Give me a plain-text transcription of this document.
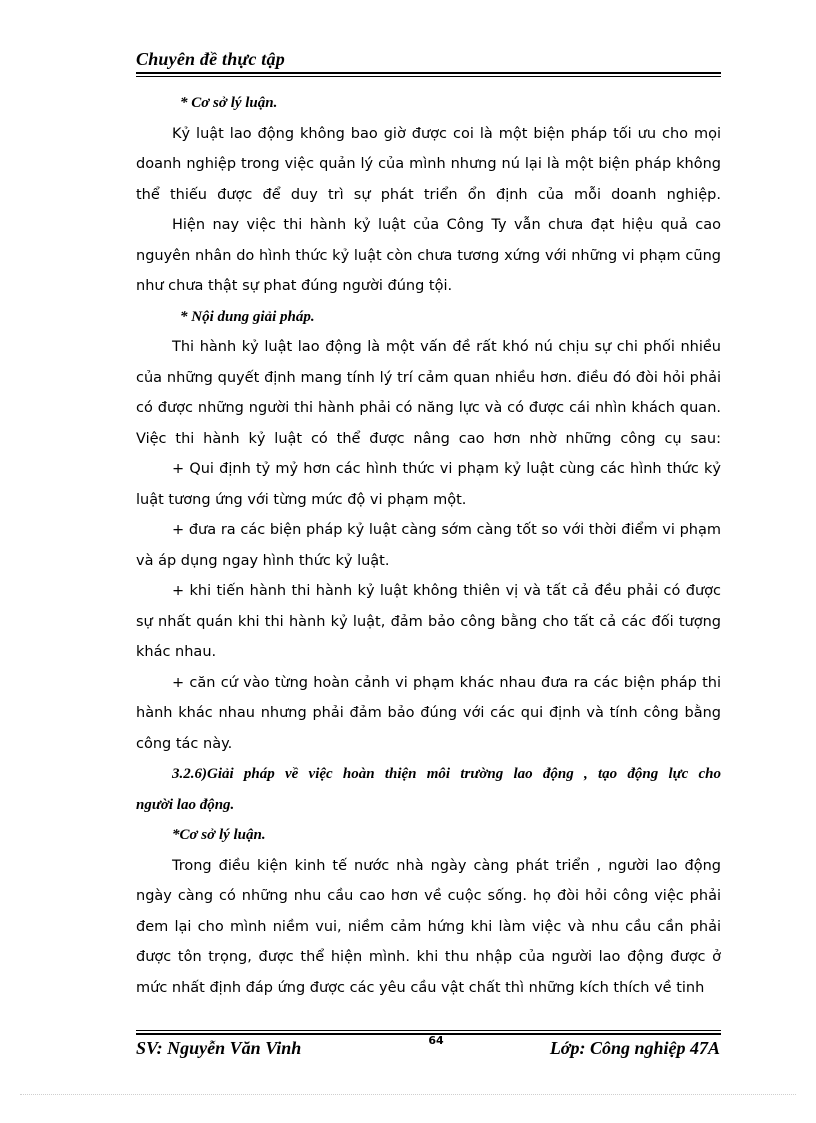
Chuyên đề thực tập
* Cơ sở lý luận.
Kỷ luật lao động không bao giờ được coi là một biện pháp tối ưu cho mọi
doanh nghiệp trong việc quản lý của mình nhưng nú lại là một biện pháp không
thể thiếu được để duy trì sự phát triển ổn định của mỗi doanh nghiệp.
Hiện nay việc thi hành kỷ luật của Công Ty vẫn chưa đạt hiệu quả cao
nguyên nhân do hình thức kỷ luật còn chưa tương xứng với những vi phạm cũng
như chưa thật sự phat đúng người đúng tội.
* Nội dung giải pháp.
Thi hành kỷ luật lao động là một vấn đề rất khó nú chịu sự chi phối nhiều
của những quyết định mang tính lý trí cảm quan nhiều hơn. điều đó đòi hỏi phải
có được những người thi hành phải có năng lực và có được cái nhìn khách quan.
Việc thi hành kỷ luật có thể được nâng cao hơn nhờ những công cụ sau:
+ Qui định tỷ mỷ hơn các hình thức vi phạm kỷ luật cùng các hình thức kỷ
luật tương ứng với từng mức độ vi phạm một.
+ đưa ra các biện pháp kỷ luật càng sớm càng tốt so với thời điểm vi phạm
và áp dụng ngay hình thức kỷ luật.
+ khi tiến hành thi hành kỷ luật không thiên vị và tất cả đều phải có được
sự nhất quán khi thi hành kỷ luật, đảm bảo công bằng cho tất cả các đối tượng
khác nhau.
+ căn cứ vào từng hoàn cảnh vi phạm khác nhau đưa ra các biện pháp thi
hành khác nhau nhưng phải đảm bảo đúng với các qui định và tính công bằng
công tác này.
3.2.6)Giải pháp về việc hoàn thiện môi trường lao động , tạo động lực cho
người lao động.
*Cơ sở lý luận.
Trong điều kiện kinh tế nước nhà ngày càng phát triển , người lao động
ngày càng có những nhu cầu cao hơn về cuộc sống. họ đòi hỏi công việc phải
đem lại cho mình niềm vui, niềm cảm hứng khi làm việc và nhu cầu cần phải
được tôn trọng, được thể hiện mình. khi thu nhập của người lao động được ở
mức nhất định đáp ứng được các yêu cầu vật chất thì những kích thích về tinh
SV: Nguyễn Văn Vinh	64	Lớp: Công nghiệp 47A
